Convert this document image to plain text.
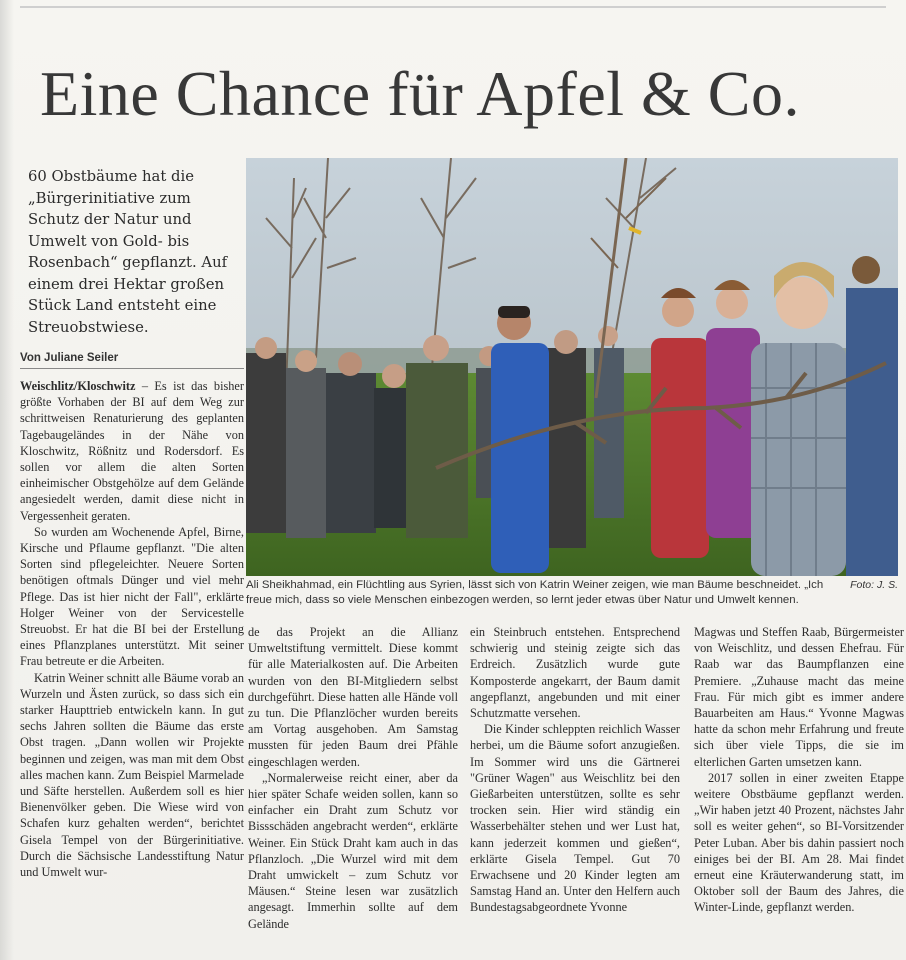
Eine Chance für Apfel & Co.
60 Obstbäume hat die „Bürgerinitiative zum Schutz der Natur und Umwelt von Gold- bis Rosenbach“ gepflanzt. Auf einem drei Hektar großen Stück Land entsteht eine Streuobstwiese.
Von Juliane Seiler

Weischlitz/Kloschwitz – Es ist das bisher größte Vorhaben der BI auf dem Weg zur schrittweisen Renaturierung des geplanten Tagebaugeländes in der Nähe von Kloschwitz, Rößnitz und Rodersdorf. Es sollen vor allem die alten Sorten einheimischer Obstgehölze auf dem Gelände angesiedelt werden, damit diese nicht in Vergessenheit geraten.

So wurden am Wochenende Apfel, Birne, Kirsche und Pflaume gepflanzt. "Die alten Sorten sind pflegeleichter. Neuere Sorten benötigen oftmals Dünger und viel mehr Pflege. Das ist hier nicht der Fall", erklärte Holger Weiner von der Servicestelle Streuobst. Er hat die BI bei der Erstellung eines Pflanzplanes unterstützt. Mit seiner Frau betreute er die Arbeiten.

Katrin Weiner schnitt alle Bäume vorab an Wurzeln und Ästen zurück, so dass sich ein starker Haupttrieb entwickeln kann. In gut sechs Jahren sollten die Bäume das erste Obst tragen. „Dann wollen wir Projekte beginnen und zeigen, was man mit dem Obst alles machen kann. Zum Beispiel Marmelade und Säfte herstellen. Außerdem soll es hier Bienenvölker geben. Die Wiese wird von Schafen kurz gehalten werden“, berichtet Gisela Tempel von der Bürgerinitiative. Durch die Sächsische Landesstiftung Natur und Umwelt wur-

Foto: J. S.
Ali Sheikhahmad, ein Flüchtling aus Syrien, lässt sich von Katrin Weiner zeigen, wie man Bäume beschneidet. „Ich freue mich, dass so viele Menschen einbezogen werden, so lernt jeder etwas über Natur und Umwelt kennen.

de das Projekt an die Allianz Umweltstiftung vermittelt. Diese kommt für alle Materialkosten auf. Die Arbeiten wurden von den BI-Mitgliedern selbst durchgeführt. Diese hatten alle Hände voll zu tun. Die Pflanzlöcher wurden bereits am Vortag ausgehoben. Am Samstag mussten für jeden Baum drei Pfähle eingeschlagen werden.

„Normalerweise reicht einer, aber da hier später Schafe weiden sollen, kann so einfacher ein Draht zum Schutz vor Bissschäden angebracht werden“, erklärte Weiner. Ein Stück Draht kam auch in das Pflanzloch. „Die Wurzel wird mit dem Draht umwickelt – zum Schutz vor Mäusen.“ Steine lesen war zusätzlich angesagt. Immerhin sollte auf dem Gelände

ein Steinbruch entstehen. Entsprechend schwierig und steinig zeigte sich das Erdreich. Zusätzlich wurde gute Komposterde angekarrt, der Baum damit angepflanzt, angebunden und mit einer Schutzmatte versehen.

Die Kinder schleppten reichlich Wasser herbei, um die Bäume sofort anzugießen. Im Sommer wird uns die Gärtnerei "Grüner Wagen" aus Weischlitz bei den Gießarbeiten unterstützen, sollte es sehr trocken sein. Hier wird ständig ein Wasserbehälter stehen und wer Lust hat, kann jederzeit kommen und gießen“, erklärte Gisela Tempel. Gut 70 Erwachsene und 20 Kinder legten am Samstag Hand an. Unter den Helfern auch Bundestagsabgeordnete Yvonne

Magwas und Steffen Raab, Bürgermeister von Weischlitz, und dessen Ehefrau. Für Raab war das Baumpflanzen eine Premiere. „Zuhause macht das meine Frau. Für mich gibt es immer andere Bauarbeiten am Haus.“ Yvonne Magwas hatte da schon mehr Erfahrung und freute sich über viele Tipps, die sie im elterlichen Garten umsetzen kann.

2017 sollen in einer zweiten Etappe weitere Obstbäume gepflanzt werden. „Wir haben jetzt 40 Prozent, nächstes Jahr soll es weiter gehen“, so BI-Vorsitzender Peter Luban. Aber bis dahin passiert noch einiges bei der BI. Am 28. Mai findet erneut eine Kräuterwanderung statt, im Oktober soll der Baum des Jahres, die Winter-Linde, gepflanzt werden.
